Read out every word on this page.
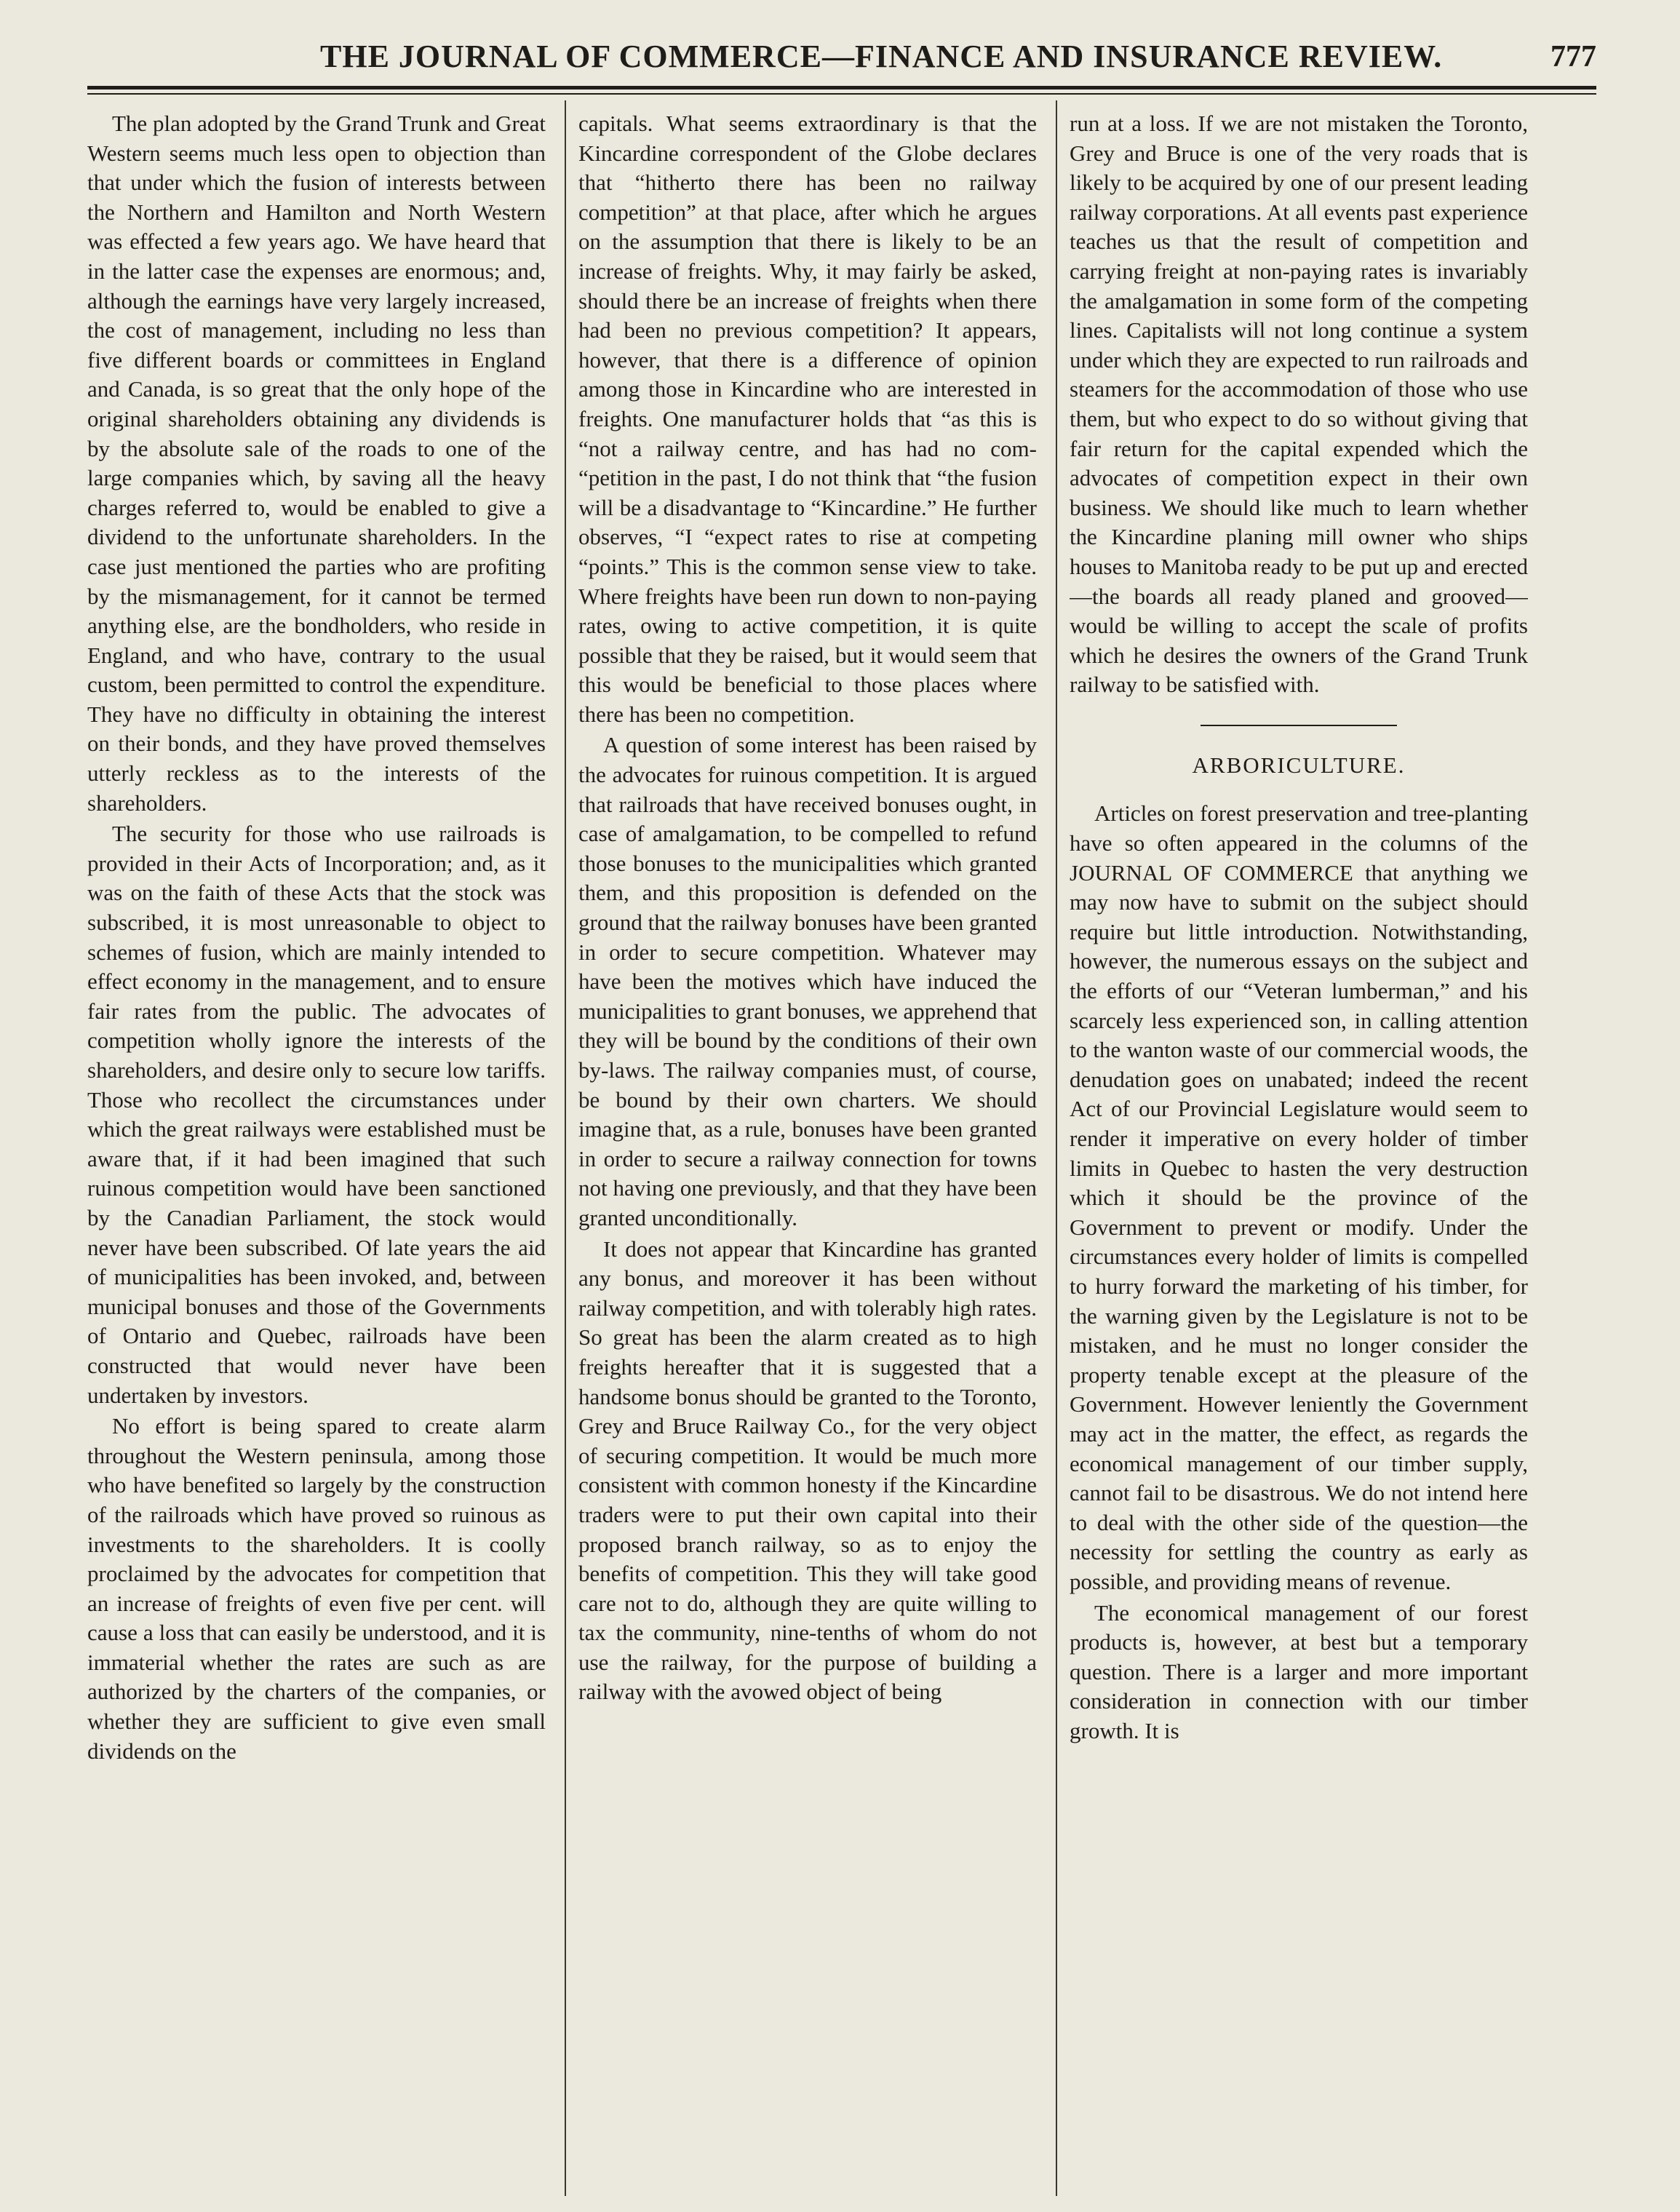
THE JOURNAL OF COMMERCE—FINANCE AND INSURANCE REVIEW.	777

The plan adopted by the Grand Trunk and Great Western seems much less open to objection than that under which the fusion of interests between the Northern and Hamilton and North Western was effected a few years ago. We have heard that in the latter case the expenses are enormous; and, although the earnings have very largely increased, the cost of management, including no less than five different boards or committees in England and Canada, is so great that the only hope of the original shareholders obtaining any dividends is by the absolute sale of the roads to one of the large companies which, by saving all the heavy charges referred to, would be enabled to give a dividend to the unfortunate shareholders. In the case just mentioned the parties who are profiting by the mismanagement, for it cannot be termed anything else, are the bondholders, who reside in England, and who have, contrary to the usual custom, been permitted to control the expenditure. They have no difficulty in obtaining the interest on their bonds, and they have proved themselves utterly reckless as to the interests of the shareholders.

The security for those who use railroads is provided in their Acts of Incorporation; and, as it was on the faith of these Acts that the stock was subscribed, it is most unreasonable to object to schemes of fusion, which are mainly intended to effect economy in the management, and to ensure fair rates from the public. The advocates of competition wholly ignore the interests of the shareholders, and desire only to secure low tariffs. Those who recollect the circumstances under which the great railways were established must be aware that, if it had been imagined that such ruinous competition would have been sanctioned by the Canadian Parliament, the stock would never have been subscribed. Of late years the aid of municipalities has been invoked, and, between municipal bonuses and those of the Governments of Ontario and Quebec, railroads have been constructed that would never have been undertaken by investors.

No effort is being spared to create alarm throughout the Western peninsula, among those who have benefited so largely by the construction of the railroads which have proved so ruinous as investments to the shareholders. It is coolly proclaimed by the advocates for competition that an increase of freights of even five per cent. will cause a loss that can easily be understood, and it is immaterial whether the rates are such as are authorized by the charters of the companies, or whether they are sufficient to give even small dividends on the

capitals. What seems extraordinary is that the Kincardine correspondent of the Globe declares that “hitherto there has been no railway competition” at that place, after which he argues on the assumption that there is likely to be an increase of freights. Why, it may fairly be asked, should there be an increase of freights when there had been no previous competition? It appears, however, that there is a difference of opinion among those in Kincardine who are interested in freights. One manufacturer holds that “as this is “not a railway centre, and has had no com- “petition in the past, I do not think that “the fusion will be a disadvantage to “Kincardine.” He further observes, “I “expect rates to rise at competing “points.” This is the common sense view to take. Where freights have been run down to non-paying rates, owing to active competition, it is quite possible that they be raised, but it would seem that this would be beneficial to those places where there has been no competition.

A question of some interest has been raised by the advocates for ruinous competition. It is argued that railroads that have received bonuses ought, in case of amalgamation, to be compelled to refund those bonuses to the municipalities which granted them, and this proposition is defended on the ground that the railway bonuses have been granted in order to secure competition. Whatever may have been the motives which have induced the municipalities to grant bonuses, we apprehend that they will be bound by the conditions of their own by-laws. The railway companies must, of course, be bound by their own charters. We should imagine that, as a rule, bonuses have been granted in order to secure a railway connection for towns not having one previously, and that they have been granted unconditionally.

It does not appear that Kincardine has granted any bonus, and moreover it has been without railway competition, and with tolerably high rates. So great has been the alarm created as to high freights hereafter that it is suggested that a handsome bonus should be granted to the Toronto, Grey and Bruce Railway Co., for the very object of securing competition. It would be much more consistent with common honesty if the Kincardine traders were to put their own capital into their proposed branch railway, so as to enjoy the benefits of competition. This they will take good care not to do, although they are quite willing to tax the community, nine-tenths of whom do not use the railway, for the purpose of building a railway with the avowed object of being

run at a loss. If we are not mistaken the Toronto, Grey and Bruce is one of the very roads that is likely to be acquired by one of our present leading railway corporations. At all events past experience teaches us that the result of competition and carrying freight at non-paying rates is invariably the amalgamation in some form of the competing lines. Capitalists will not long continue a system under which they are expected to run railroads and steamers for the accommodation of those who use them, but who expect to do so without giving that fair return for the capital expended which the advocates of competition expect in their own business. We should like much to learn whether the Kincardine planing mill owner who ships houses to Manitoba ready to be put up and erected—the boards all ready planed and grooved—would be willing to accept the scale of profits which he desires the owners of the Grand Trunk railway to be satisfied with.

ARBORICULTURE.

Articles on forest preservation and tree-planting have so often appeared in the columns of the JOURNAL OF COMMERCE that anything we may now have to submit on the subject should require but little introduction. Notwithstanding, however, the numerous essays on the subject and the efforts of our “Veteran lumberman,” and his scarcely less experienced son, in calling attention to the wanton waste of our commercial woods, the denudation goes on unabated; indeed the recent Act of our Provincial Legislature would seem to render it imperative on every holder of timber limits in Quebec to hasten the very destruction which it should be the province of the Government to prevent or modify. Under the circumstances every holder of limits is compelled to hurry forward the marketing of his timber, for the warning given by the Legislature is not to be mistaken, and he must no longer consider the property tenable except at the pleasure of the Government. However leniently the Government may act in the matter, the effect, as regards the economical management of our timber supply, cannot fail to be disastrous. We do not intend here to deal with the other side of the question—the necessity for settling the country as early as possible, and providing means of revenue.

The economical management of our forest products is, however, at best but a temporary question. There is a larger and more important consideration in connection with our timber growth. It is
